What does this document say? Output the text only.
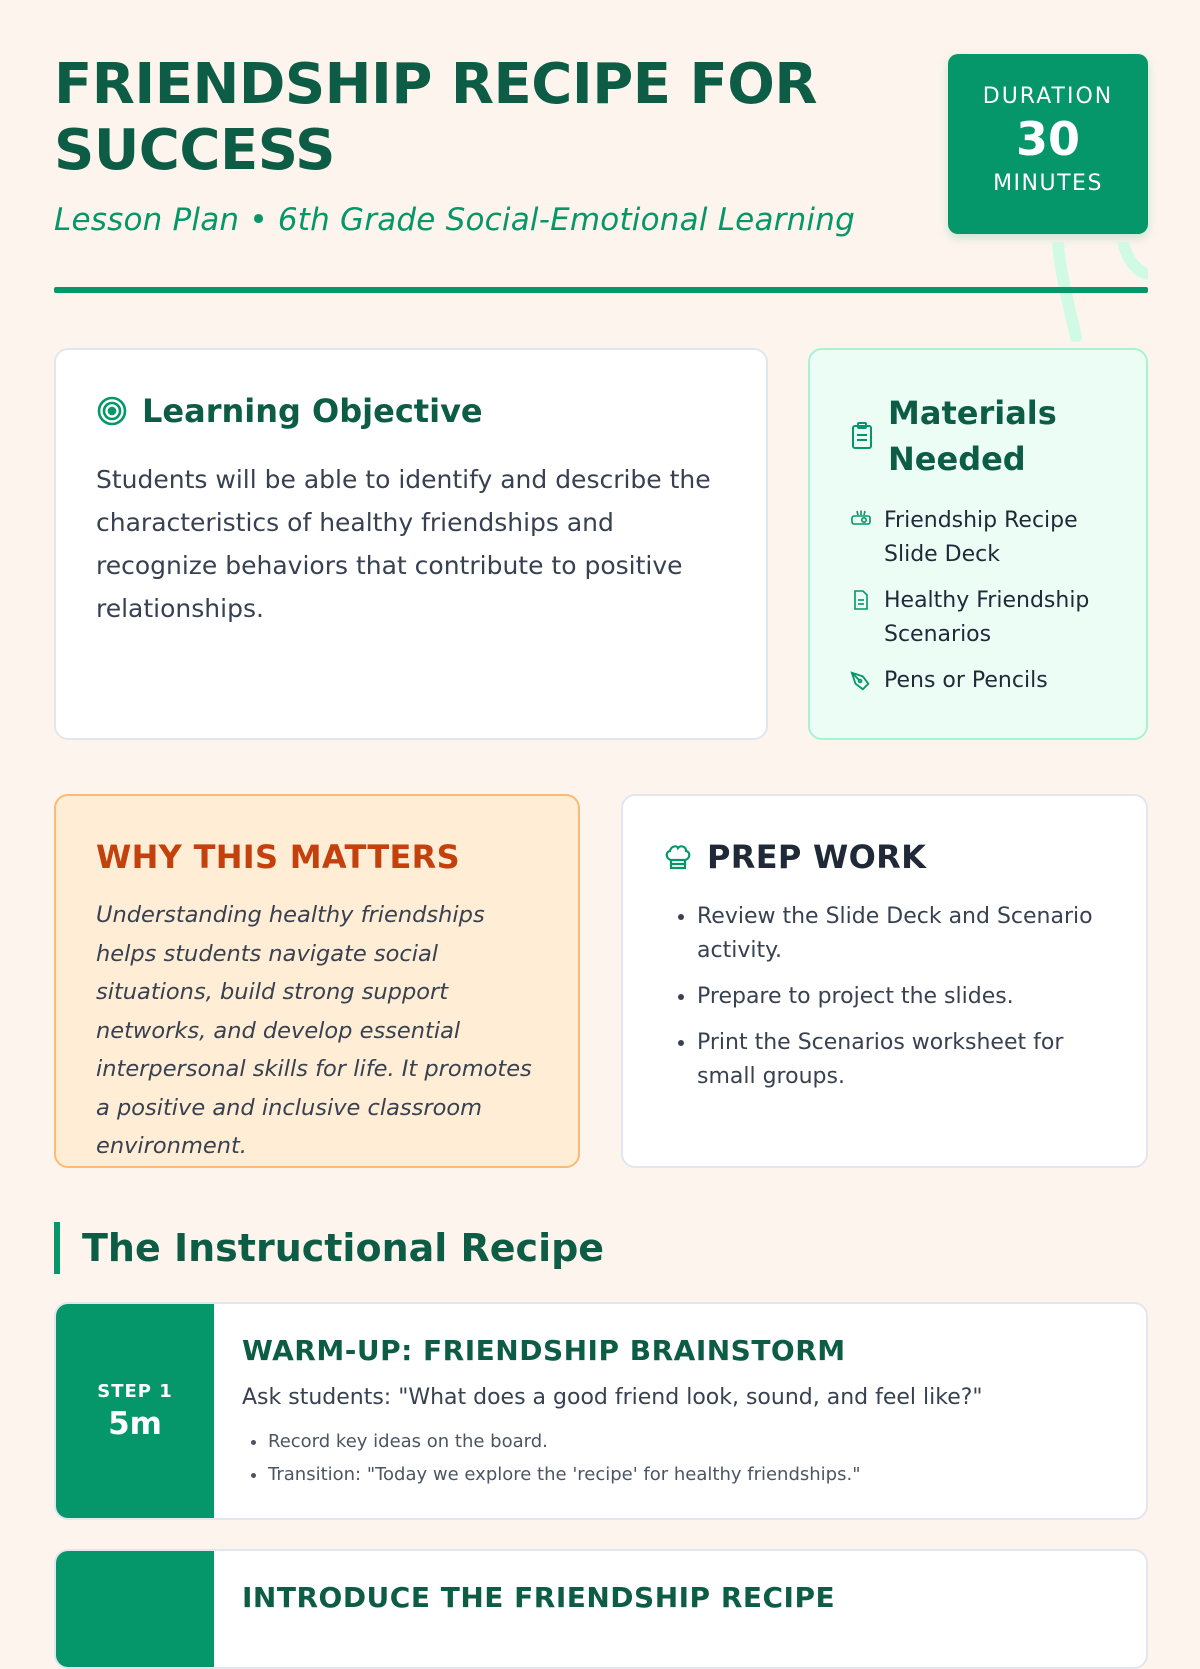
FRIENDSHIP RECIPE FOR SUCCESS
Lesson Plan • 6th Grade Social-Emotional Learning
DURATION
30
MINUTES
Learning Objective

Students will be able to identify and describe the characteristics of healthy friendships and recognize behaviors that contribute to positive relationships.

Materials Needed
Friendship Recipe Slide Deck
Healthy Friendship Scenarios
Pens or Pencils
WHY THIS MATTERS

Understanding healthy friendships helps students navigate social situations, build strong support networks, and develop essential interpersonal skills for life. It promotes a positive and inclusive classroom environment.

PREP WORK
• Review the Slide Deck and Scenario activity.
• Prepare to project the slides.
• Print the Scenarios worksheet for small groups.
The Instructional Recipe
STEP 1
5m
WARM-UP: FRIENDSHIP BRAINSTORM

Ask students: "What does a good friend look, sound, and feel like?"

• Record key ideas on the board.
• Transition: "Today we explore the 'recipe' for healthy friendships."
INTRODUCE THE FRIENDSHIP RECIPE
